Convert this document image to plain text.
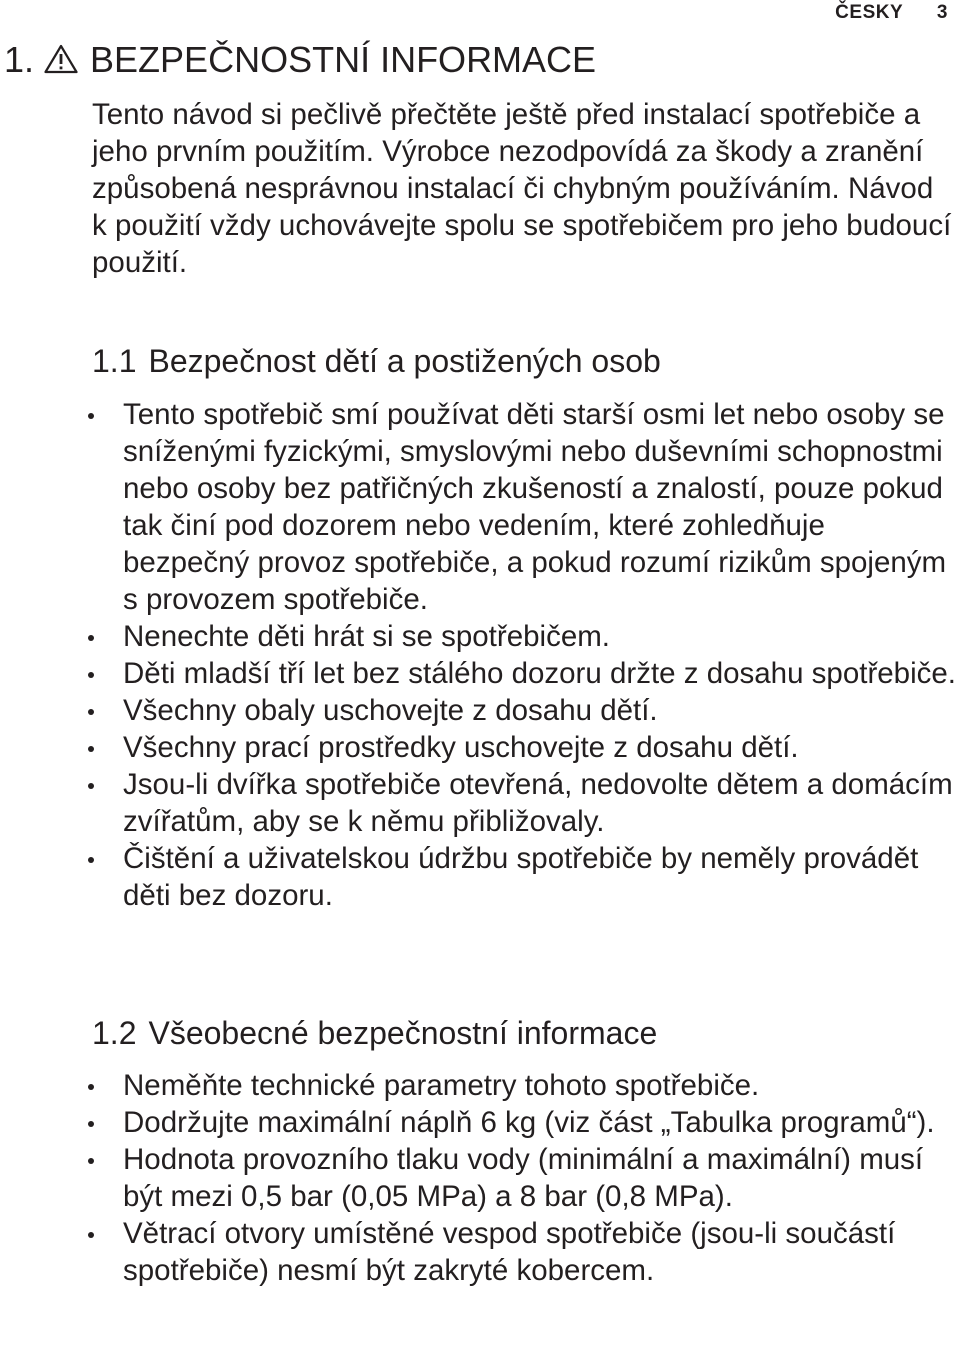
ČESKY 3
1. BEZPEČNOSTNÍ INFORMACE

Tento návod si pečlivě přečtěte ještě před instalací spotřebiče a jeho prvním použitím. Výrobce nezodpovídá za škody a zranění způsobená nesprávnou instalací či chybným používáním. Návod k použití vždy uchovávejte spolu se spotřebičem pro jeho budoucí použití.

1.1 Bezpečnost dětí a postižených osob
Tento spotřebič smí používat děti starší osmi let nebo osoby se sníženými fyzickými, smyslovými nebo duševními schopnostmi nebo osoby bez patřičných zkušeností a znalostí, pouze pokud tak činí pod dozorem nebo vedením, které zohledňuje bezpečný provoz spotřebiče, a pokud rozumí rizikům spojeným s provozem spotřebiče.
Nenechte děti hrát si se spotřebičem.
Děti mladší tří let bez stálého dozoru držte z dosahu spotřebiče.
Všechny obaly uschovejte z dosahu dětí.
Všechny prací prostředky uschovejte z dosahu dětí.
Jsou-li dvířka spotřebiče otevřená, nedovolte dětem a domácím zvířatům, aby se k němu přibližovaly.
Čištění a uživatelskou údržbu spotřebiče by neměly provádět děti bez dozoru.
1.2 Všeobecné bezpečnostní informace
Neměňte technické parametry tohoto spotřebiče.
Dodržujte maximální náplň 6 kg (viz část „Tabulka programů“).
Hodnota provozního tlaku vody (minimální a maximální) musí být mezi 0,5 bar (0,05 MPa) a 8 bar (0,8 MPa).
Větrací otvory umístěné vespod spotřebiče (jsou-li součástí spotřebiče) nesmí být zakryté kobercem.
